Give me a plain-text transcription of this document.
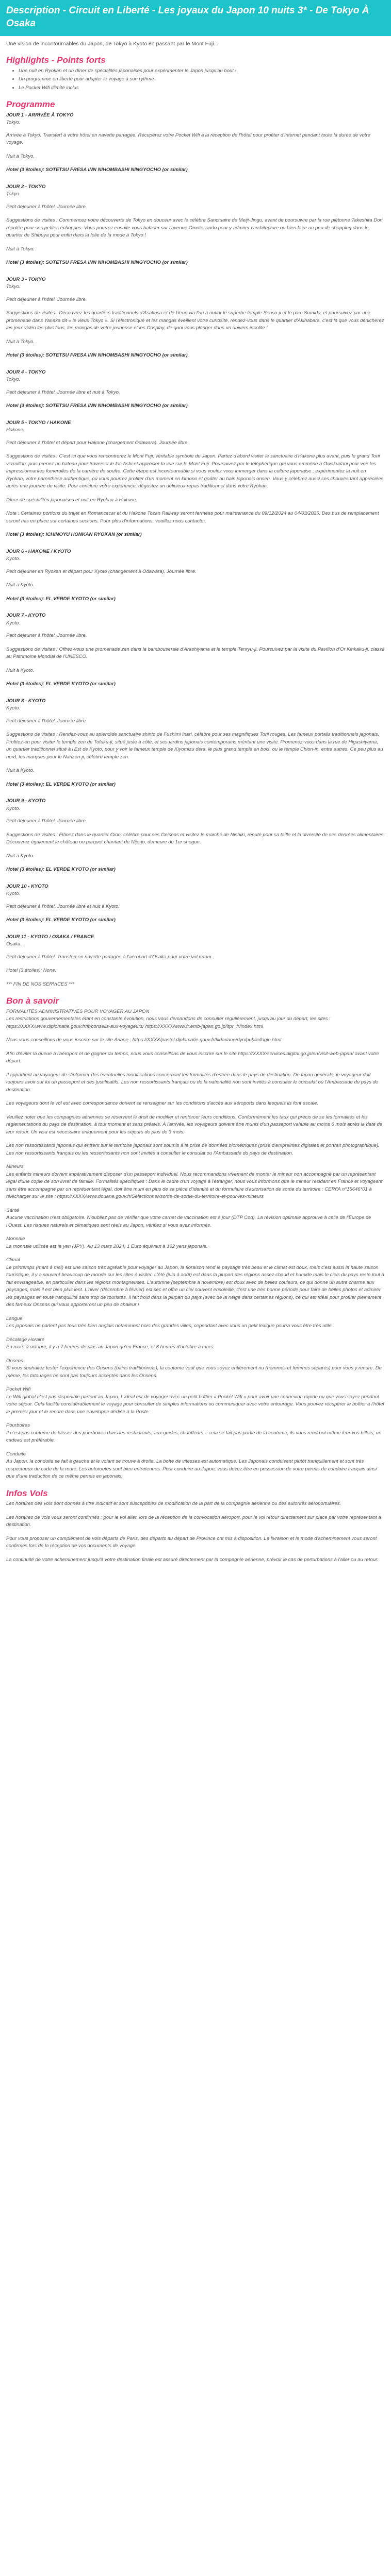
Description - Circuit en Liberté - Les joyaux du Japon 10 nuits 3* - De Tokyo À Osaka
Une vision de incontournables du Japon, de Tokyo à Kyoto en passant par le Mont Fuji...
Highlights - Points forts
• Une nuit en Ryokan et un dîner de spécialités japonaises pour expérimenter le Japon jusqu'au bout !
• Un programme en liberté pour adapter le voyage à son rythme
• Le Pocket Wifi illimité inclus
Programme
JOUR 1 - ARRIVÉE À TOKYO
Tokyo.

Arrivée à Tokyo. Transfert à votre hôtel en navette partagée. Récupérez votre Pocket Wifi à la réception de l'hôtel pour profiter d'Internet pendant toute la durée de votre voyage.

Nuit à Tokyo.

Hotel (3 étoiles): SOTETSU FRESA INN NIHOMBASHI NINGYOCHO (or similar)

JOUR 2 - TOKYO
Tokyo.

Petit déjeuner à l'hôtel. Journée libre.

Suggestions de visites : Commencez votre découverte de Tokyo en douceur avec le célèbre Sanctuaire de Meiji-Jingu, avant de poursuivre par la rue piétonne Takeshita Dori réputée pour ses petites échoppes. Vous pourrez ensuite vous balader sur l'avenue Omotesando pour y admirer l'architecture ou bien faire un peu de shopping dans le quartier de Shibuya pour enfin dans la folie de la mode à Tokyo !

Nuit à Tokyo.

Hotel (3 étoiles): SOTETSU FRESA INN NIHOMBASHI NINGYOCHO (or similar)

JOUR 3 - TOKYO
Tokyo.

Petit déjeuner à l'hôtel. Journée libre.

Suggestions de visites : Découvrez les quartiers traditionnels d'Asakusa et de Ueno via l'un à ouvrir le superbe temple Senso-ji et le parc Sumida, et poursuivez par une promenade dans Yanaka dit « le vieux Tokyo ». Si l'électronique et les mangas éveillent votre curiosité, rendez-vous dans le quartier d'Akihabara, c'est là que vous dénicherez les jeux vidéo les plus fous, les mangas de votre jeunesse et les Cosplay, de quoi vous plonger dans un univers insolite !

Nuit à Tokyo.

Hotel (3 étoiles): SOTETSU FRESA INN NIHOMBASHI NINGYOCHO (or similar)

JOUR 4 - TOKYO
Tokyo.

Petit déjeuner à l'hôtel. Journée libre et nuit à Tokyo.

Hotel (3 étoiles): SOTETSU FRESA INN NIHOMBASHI NINGYOCHO (or similar)

JOUR 5 - TOKYO / HAKONE
Hakone.

Petit déjeuner à l'hôtel et départ pour Hakone (chargement Odawara). Journée libre.

Suggestions de visites : C'est ici que vous rencontrerez le Mont Fuji, véritable symbole du Japon. Partez d'abord visiter le sanctuaire d'Hakone plus avant, puis le grand Torii vermillon, puis prenez un bateau pour traverser le lac Ashi et apprécier la vue sur le Mont Fuji. Poursuivez par le téléphérique qui vous emmène à Owakudani pour voir les impressionnantes fumerolles de la carrière de soufre. Cette étape est incontournable si vous voulez vous immerger dans la culture japonaise ; expérimentez la nuit en Ryokan, votre parenthèse authentique, où vous pourrez profiter d'un moment en kimono et goûter au bain japonais onsen. Vous y célébrez aussi ses chouxès tant appréciées après une journée de visite. Pour conclure votre expérience, dégustez un délicieux repas traditionnel dans votre Ryokan.

Dîner de spécialités japonaises et nuit en Ryokan à Hakone.

Note : Certaines portions du trajet en Romancecar et du Hakone Tozan Railway seront fermées pour maintenance du 09/12/2024 au 04/03/2025. Des bus de remplacement seront mis en place sur certaines sections. Pour plus d'informations, veuillez nous contacter.

Hotel (3 étoiles): ICHINOYU HONKAN RYOKAN (or similar)

JOUR 6 - HAKONE / KYOTO
Kyoto.

Petit déjeuner en Ryokan et départ pour Kyoto (changement à Odawara). Journée libre.

Nuit à Kyoto.

Hotel (3 étoiles): EL VERDE KYOTO (or similar)

JOUR 7 - KYOTO
Kyoto.

Petit déjeuner à l'hôtel. Journée libre.

Suggestions de visites : Offrez-vous une promenade zen dans la bambouseraie d'Arashiyama et le temple Tenryu-ji. Poursuivez par la visite du Pavillon d'Or Kinkaku-ji, classé au Patrimoine Mondial de l'UNESCO.

Nuit à Kyoto.

Hotel (3 étoiles): EL VERDE KYOTO (or similar)

JOUR 8 - KYOTO
Kyoto.

Petit déjeuner à l'hôtel. Journée libre.

Suggestions de visites : Rendez-vous au splendide sanctuaire shinto de Fushimi Inari, célèbre pour ses magnifiques Torii rouges. Les fameux portails traditionnels japonais. Profitez-en pour visiter le temple zen de Tofuku-ji, situé juste à côté, et ses jardins japonais contemporains méritant une visite. Promenez-vous dans la rue de Higashiyama, un quartier traditionnel situé à l'Est de Kyoto, pour y voir le fameux temple de Kiyomizu dera, le plus grand temple en bois, ou le temple Chion-in, entre autres. Ce peu plus au nord, les marques pour le Nanzen-ji, célèbre temple zen.

Nuit à Kyoto.

Hotel (3 étoiles): EL VERDE KYOTO (or similar)

JOUR 9 - KYOTO
Kyoto.

Petit déjeuner à l'hôtel. Journée libre.

Suggestions de visites : Flânez dans le quartier Gion, célèbre pour ses Geishas et visitez le marché de Nishiki, réputé pour sa taille et la diversité de ses denrées alimentaires. Découvrez également le château ou parquet chantant de Nijo-jo, demeure du 1er shogun.

Nuit à Kyoto.

Hotel (3 étoiles): EL VERDE KYOTO (or similar)

JOUR 10 - KYOTO
Kyoto.

Petit déjeuner à l'hôtel. Journée libre et nuit à Kyoto.

Hotel (3 étoiles): EL VERDE KYOTO (or similar)

JOUR 11 - KYOTO / OSAKA / FRANCE
Osaka.

Petit déjeuner à l'hôtel. Transfert en navette partagée à l'aéroport d'Osaka pour votre vol retour.

Hotel (3 étoiles): None.

*** FIN DE NOS SERVICES ***

Bon à savoir
FORMALITÉS ADMINISTRATIVES POUR VOYAGER AU JAPON
Les restrictions gouvernementales étant en constante évolution, nous vous demandons de consulter régulièrement, jusqu'au jour du départ, les sites : https://XXXX/www.diplomatie.gouv.fr/fr/conseils-aux-voyageurs/ https://XXXX/www.fr.emb-japan.go.jp/itpr_fr/index.html
Nous vous conseillons de vous inscrire sur le site Ariane : https://XXXX/pastel.diplomatie.gouv.fr/fildariane/dyn/public/login.html
Afin d'éviter la queue à l'aéroport et de gagner du temps, nous vous conseillons de vous inscrire sur le site https://XXXX/services.digital.go.jp/en/visit-web-japan/ avant votre départ.
Il appartient au voyageur de s'informer des éventuelles modifications concernant les formalités d'entrée dans le pays de destination. De façon générale, le voyageur doit toujours avoir sur lui un passeport et des justificatifs. Les non ressortissants français ou de la nationalité non sont invités à consulter le consulat ou l'Ambassade du pays de destination.
Les voyageurs dont le vol est avec correspondance doivent se renseigner sur les conditions d'accès aux aéroports dans lesquels ils font escale.
Veuillez noter que les compagnies aériennes se réservent le droit de modifier et renforcer leurs conditions. Conformément les taux qui précis de se les formalités et les réglementations du pays de destination, à tout moment et sans préavis. À l'arrivée, les voyageurs doivent être munis d'un passeport valable au moins 6 mois après la date de leur retour. Un visa est nécessaire uniquement pour les séjours de plus de 3 mois.
Les non ressortissants japonais qui entrent sur le territoire japonais sont soumis à la prise de données biométriques (prise d'empreintes digitales et portrait photographique). Les non ressortissants français ou les ressortissants non sont invités à consulter le consulat ou l'Ambassade du pays de destination.
Mineurs
Les enfants mineurs doivent impérativement disposer d'un passeport individuel. Nous recommandons vivement de monter le mineur non accompagné par un représentant légal d'une copie de son livret de famille. Formalités spécifiques : Dans le cadre d'un voyage à l'étranger, nous vous informons que le mineur résidant en France et voyageant sans être accompagné par un représentant légal, doit être muni en plus de sa pièce d'identité et du formulaire d'autorisation de sortie du territoire : CERFA n°15646*01 à télécharger sur le site : https://XXXX/www.douane.gouv.fr/Sélectionner/sortie-de-sortie-du-territoire-et-pour-les-mineurs
Santé
Aucune vaccination n'est obligatoire. N'oubliez pas de vérifier que votre carnet de vaccination est à jour (DTP Coq). La révision optimale approuve à celle de l'Europe de l'Ouest. Les risques naturels et climatiques sont réels au Japon, vérifiez si vous avez informés.
Monnaie
La monnaie utilisée est le yen (JPY). Au 13 mars 2024, 1 Euro équivaut à 162 yens japonais.
Climat
Le printemps (mars à mai) est une saison très agréable pour voyager au Japon, la floraison rend le paysage très beau et le climat est doux, mais c'est aussi la haute saison touristique, il y a souvent beaucoup de monde sur les sites à visiter. L'été (juin à août) est dans la plupart des régions assez chaud et humide mais le ciels du pays reste tout à fait envisageable, en particulier dans les régions montagneuses. L'automne (septembre à novembre) est doux avec de belles couleurs, ce qui donne un autre charme aux paysages, mais il est bien plus lent. L'hiver (décembre à février) est sec et offre un ciel souvent ensoleillé, c'est une très bonne période pour faire de belles photos et admirer les paysages en toute tranquillité sans trop de touristes. Il fait froid dans la plupart du pays (avec de la neige dans certaines régions), ce qui est idéal pour profiter pleinement des fameux Onsens qui vous apporteront un peu de chaleur !
Langue
Les japonais ne parlent pas tous très bien anglais notamment hors des grandes villes, cependant avec vous un petit lexique pourra vous être très utile.
Décalage Horaire
En mars à octobre, il y a 7 heures de plus au Japon qu'en France, et 8 heures d'octobre à mars.
Onsens
Si vous souhaitez tester l'expérience des Onsens (bains traditionnels), la coutume veut que vous soyez entièrement nu (hommes et femmes séparés) pour vous y rendre. De même, les tatouages ne sont pas toujours acceptés dans les Onsens.
Pocket Wifi
Le Wifi global n'est pas disponible partout au Japon. L'idéal est de voyager avec un petit boîtier « Pocket Wifi » pour avoir une connexion rapide ou que vous soyez pendant votre séjour. Cela facilite considérablement le voyage pour consulter de simples informations ou communiquer avec votre entourage. Vous pouvez récupérer le boîtier à l'hôtel le premier jour et le rendre dans une enveloppe dédiée à la Poste.
Pourboires
Il n'est pas coutume de laisser des pourboires dans les restaurants, aux guides, chauffeurs... cela se fait pas partie de la coutume, ils vous rendront même leur vos billets, un cadeau est préférable.
Conduite
Au Japon, la conduite se fait à gauche et le volant se trouve à droite. La boîte de vitesses est automatique. Les Japonais conduisent plutôt tranquillement et sont très respectueux du code de la route. Les autoroutes sont bien entretenues. Pour conduire au Japon, vous devez être en possession de votre permis de conduire français ainsi que d'une traduction de ce même permis en japonais.
Infos Vols

Les horaires des vols sont donnés à titre indicatif et sont susceptibles de modification de la part de la compagnie aérienne ou des autorités aéroportuaires.

Les horaires de vols vous seront confirmés : pour le vol aller, lors de la réception de la convocation aéroport, pour le vol retour directement sur place par votre représentant à destination.

Pour vous proposer un complément de vols départs de Paris, des départs au départ de Province ont mis à disposition. La livraison et le mode d'acheminement vous seront confirmés lors de la réception de vos documents de voyage.

La continuité de votre acheminement jusqu'à votre destination finale est assuré directement par la compagnie aérienne, prévoir le cas de perturbations à l'aller ou au retour.
